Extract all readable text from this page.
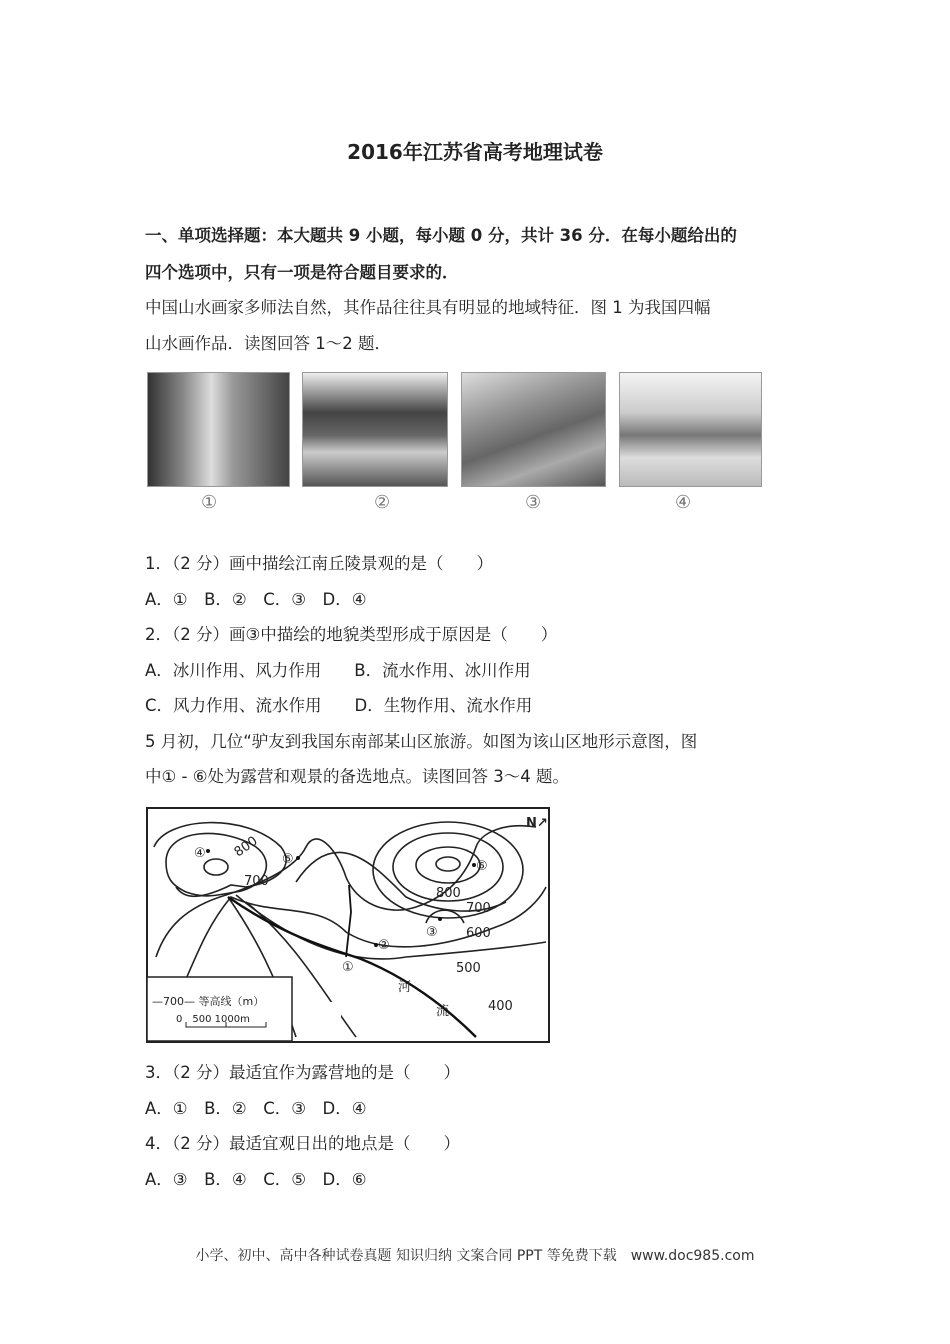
2016年江苏省高考地理试卷
一、单项选择题：本大题共 9 小题，每小题 0 分，共计 36 分．在每小题给出的
四个选项中，只有一项是符合题目要求的．
中国山水画家多师法自然，其作品往往具有明显的地域特征．图 1 为我国四幅
山水画作品．读图回答 1～2 题．
①	②	③	④
1．（2 分）画中描绘江南丘陵景观的是（　　）
A．①　B．②　C．③　D．④
2．（2 分）画③中描绘的地貌类型形成于原因是（　　）
A．冰川作用、风力作用　　B．流水作用、冰川作用
C．风力作用、流水作用　　D．生物作用、流水作用
5 月初，几位“驴友到我国东南部某山区旅游。如图为该山区地形示意图，图
中① - ⑥处为露营和观景的备选地点。读图回答 3～4 题。
N↗
800
700
800
700
600
500
400
①
②
③
④	⑤	⑥
河
流
—700— 等高线（m）
0　500 1000m
3．（2 分）最适宜作为露营地的是（　　）
A．①　B．②　C．③　D．④
4．（2 分）最适宜观日出的地点是（　　）
A．③　B．④　C．⑤　D．⑥
小学、初中、高中各种试卷真题 知识归纳 文案合同 PPT 等免费下载　www.doc985.com
